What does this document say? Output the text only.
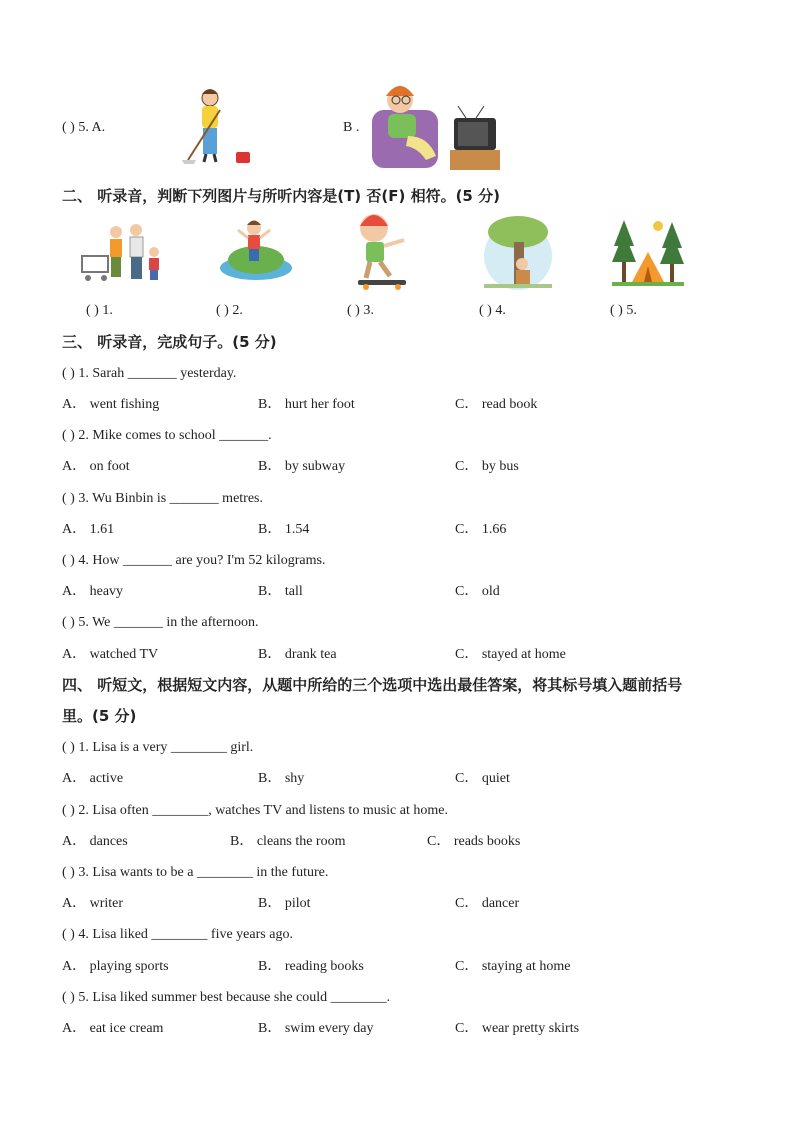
( ) 5. A.	B .
二、 听录音，判断下列图片与所听内容是(T) 否(F) 相符。(5 分)
( ) 1.	( ) 2.	( ) 3.	( ) 4.	( ) 5.
三、 听录音，完成句子。(5 分)
( ) 1. Sarah _______ yesterday.
A． went fishing	B． hurt her foot	C． read book
( ) 2. Mike comes to school _______.
A． on foot	B． by subway	C． by bus
( ) 3. Wu Binbin is _______ metres.
A． 1.61	B． 1.54	C． 1.66
( ) 4. How _______ are you? I'm 52 kilograms.
A． heavy	B． tall	C． old
( ) 5. We _______ in the afternoon.
A． watched TV	B． drank tea	C． stayed at home
四、 听短文，根据短文内容，从题中所给的三个选项中选出最佳答案，将其标号填入题前括号
里。(5 分)
( ) 1. Lisa is a very ________ girl.
A． active	B． shy	C． quiet
( ) 2. Lisa often ________, watches TV and listens to music at home.
A． dances	B． cleans the room	C． reads books
( ) 3. Lisa wants to be a ________ in the future.
A． writer	B． pilot	C． dancer
( ) 4. Lisa liked ________ five years ago.
A． playing sports	B． reading books	C． staying at home
( ) 5. Lisa liked summer best because she could ________.
A． eat ice cream	B． swim every day	C． wear pretty skirts
